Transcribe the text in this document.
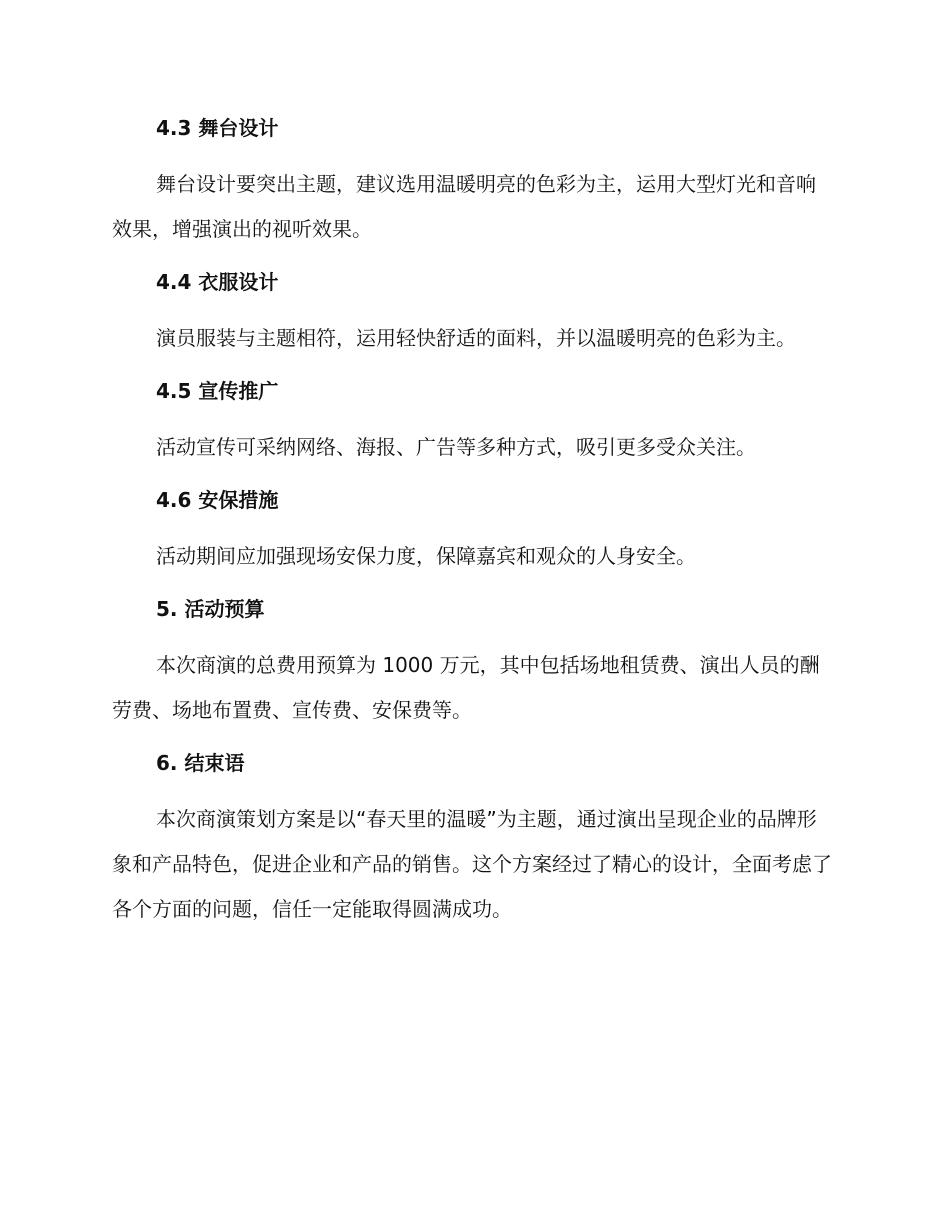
4.3 舞台设计
舞台设计要突出主题，建议选用温暖明亮的色彩为主，运用大型灯光和音响效果，增强演出的视听效果。
4.4 衣服设计
演员服装与主题相符，运用轻快舒适的面料，并以温暖明亮的色彩为主。
4.5 宣传推广
活动宣传可采纳网络、海报、广告等多种方式，吸引更多受众关注。
4.6 安保措施
活动期间应加强现场安保力度，保障嘉宾和观众的人身安全。
5. 活动预算
本次商演的总费用预算为 1000 万元，其中包括场地租赁费、演出人员的酬劳费、场地布置费、宣传费、安保费等。
6. 结束语
本次商演策划方案是以“春天里的温暖”为主题，通过演出呈现企业的品牌形象和产品特色，促进企业和产品的销售。这个方案经过了精心的设计，全面考虑了各个方面的问题，信任一定能取得圆满成功。
